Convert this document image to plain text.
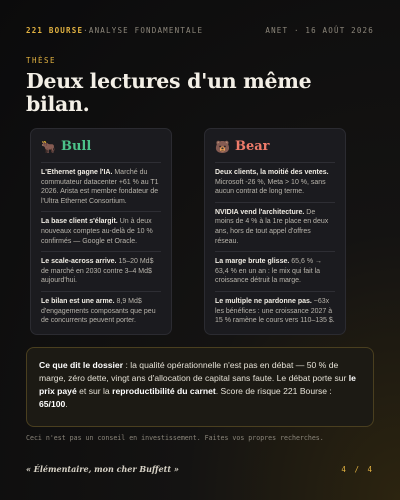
221 BOURSE·ANALYSE FONDAMENTALE	ANET · 16 AOÛT 2026
THÈSE
Deux lectures d'un même bilan.
🐂 Bull
L'Ethernet gagne l'IA. Marché du commutateur datacenter +61 % au T1 2026. Arista est membre fondateur de l'Ultra Ethernet Consortium.
La base client s'élargit. Un à deux nouveaux comptes au-delà de 10 % confirmés — Google et Oracle.
Le scale-across arrive. 15–20 Md$ de marché en 2030 contre 3–4 Md$ aujourd'hui.
Le bilan est une arme. 8,9 Md$ d'engagements composants que peu de concurrents peuvent porter.
🐻 Bear
Deux clients, la moitié des ventes. Microsoft -26 %, Meta > 10 %, sans aucun contrat de long terme.
NVIDIA vend l'architecture. De moins de 4 % à la 1re place en deux ans, hors de tout appel d'offres réseau.
La marge brute glisse. 65,6 % → 63,4 % en un an : le mix qui fait la croissance détruit la marge.
Le multiple ne pardonne pas. ~63x les bénéfices : une croissance 2027 à 15 % ramène le cours vers 110–135 $.
Ce que dit le dossier : la qualité opérationnelle n'est pas en débat — 50 % de marge, zéro dette, vingt ans d'allocation de capital sans faute. Le débat porte sur le prix payé et sur la reproductibilité du carnet. Score de risque 221 Bourse : 65/100.
Ceci n'est pas un conseil en investissement. Faites vos propres recherches.
« Élémentaire, mon cher Buffett »	4 / 4
